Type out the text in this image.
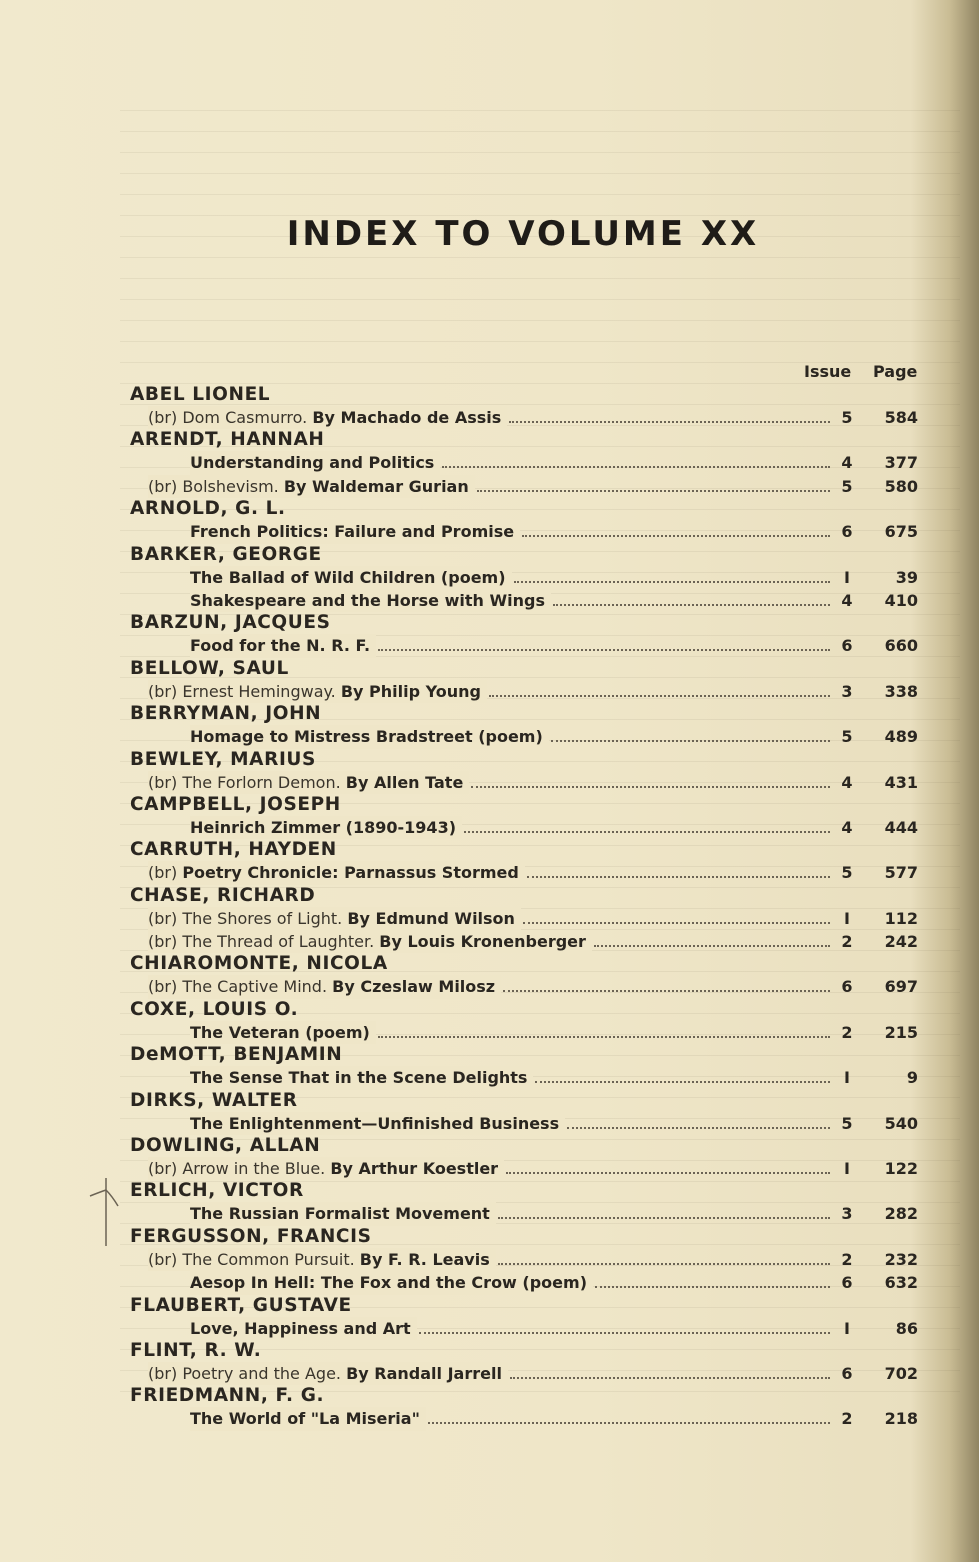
INDEX TO VOLUME XX
Issue Page
ABEL LIONEL
(br) Dom Casmurro. By Machado de Assis	5	584
ARENDT, HANNAH
Understanding and Politics	4	377
(br) Bolshevism. By Waldemar Gurian	5	580
ARNOLD, G. L.
French Politics: Failure and Promise	6	675
BARKER, GEORGE
The Ballad of Wild Children (poem)	I	39
Shakespeare and the Horse with Wings	4	410
BARZUN, JACQUES
Food for the N. R. F.	6	660
BELLOW, SAUL
(br) Ernest Hemingway. By Philip Young	3	338
BERRYMAN, JOHN
Homage to Mistress Bradstreet (poem)	5	489
BEWLEY, MARIUS
(br) The Forlorn Demon. By Allen Tate	4	431
CAMPBELL, JOSEPH
Heinrich Zimmer (1890-1943)	4	444
CARRUTH, HAYDEN
(br) Poetry Chronicle: Parnassus Stormed	5	577
CHASE, RICHARD
(br) The Shores of Light. By Edmund Wilson	I	112
(br) The Thread of Laughter. By Louis Kronenberger	2	242
CHIAROMONTE, NICOLA
(br) The Captive Mind. By Czeslaw Milosz	6	697
COXE, LOUIS O.
The Veteran (poem)	2	215
DeMOTT, BENJAMIN
The Sense That in the Scene Delights	I	9
DIRKS, WALTER
The Enlightenment—Unfinished Business	5	540
DOWLING, ALLAN
(br) Arrow in the Blue. By Arthur Koestler	I	122
ERLICH, VICTOR
The Russian Formalist Movement	3	282
FERGUSSON, FRANCIS
(br) The Common Pursuit. By F. R. Leavis	2	232
Aesop In Hell: The Fox and the Crow (poem)	6	632
FLAUBERT, GUSTAVE
Love, Happiness and Art	I	86
FLINT, R. W.
(br) Poetry and the Age. By Randall Jarrell	6	702
FRIEDMANN, F. G.
The World of "La Miseria"	2	218
